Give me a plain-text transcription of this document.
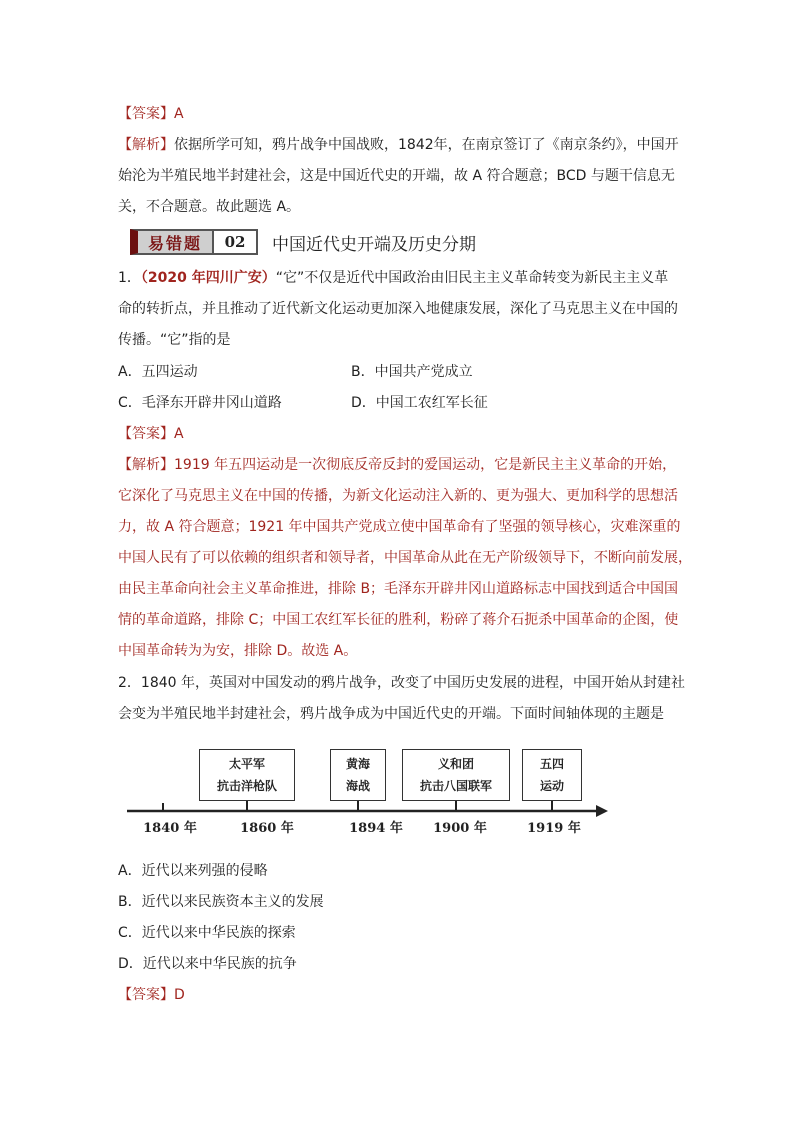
【答案】A
【解析】依据所学可知，鸦片战争中国战败，1842年，在南京签订了《南京条约》，中国开
始沦为半殖民地半封建社会，这是中国近代史的开端，故 A 符合题意；BCD 与题干信息无
关，不合题意。故此题选 A。
易错题	02	中国近代史开端及历史分期
1．（2020 年四川广安）“它”不仅是近代中国政治由旧民主主义革命转变为新民主主义革
命的转折点，并且推动了近代新文化运动更加深入地健康发展，深化了马克思主义在中国的
传播。“它”指的是
A．五四运动	B．中国共产党成立
C．毛泽东开辟井冈山道路	D．中国工农红军长征
【答案】A
【解析】1919 年五四运动是一次彻底反帝反封的爱国运动，它是新民主主义革命的开始，
它深化了马克思主义在中国的传播，为新文化运动注入新的、更为强大、更加科学的思想活
力，故 A 符合题意；1921 年中国共产党成立使中国革命有了坚强的领导核心，灾难深重的
中国人民有了可以依赖的组织者和领导者，中国革命从此在无产阶级领导下，不断向前发展，
由民主革命向社会主义革命推进，排除 B；毛泽东开辟井冈山道路标志中国找到适合中国国
情的革命道路，排除 C；中国工农红军长征的胜利，粉碎了蒋介石扼杀中国革命的企图，使
中国革命转为为安，排除 D。故选 A。
2．1840 年，英国对中国发动的鸦片战争，改变了中国历史发展的进程，中国开始从封建社
会变为半殖民地半封建社会，鸦片战争成为中国近代史的开端。下面时间轴体现的主题是
太平军
抗击洋枪队
黄海
海战
义和团
抗击八国联军
五四
运动
1840 年	1860 年	1894 年 1900 年	1919 年
A．近代以来列强的侵略
B．近代以来民族资本主义的发展
C．近代以来中华民族的探索
D．近代以来中华民族的抗争
【答案】D
